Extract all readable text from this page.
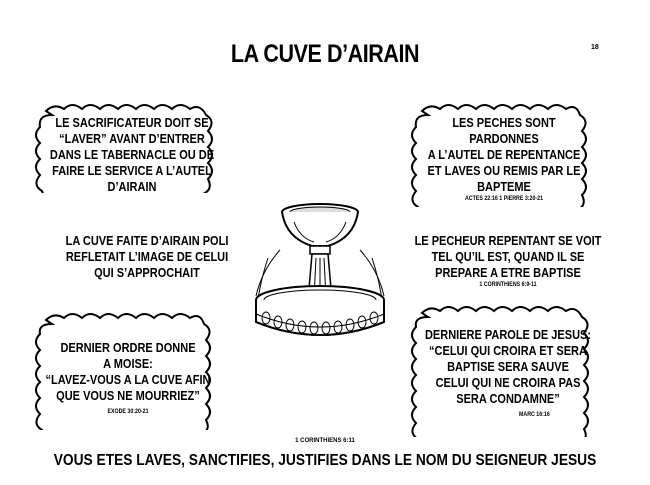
LA CUVE D’AIRAIN	18
LE SACRIFICATEUR DOIT SE
“LAVER” AVANT D’ENTRER
DANS LE TABERNACLE OU DE
FAIRE LE SERVICE A L’AUTEL
D’AIRAIN
LES PECHES SONT
PARDONNES
A L’AUTEL DE REPENTANCE
ET LAVES OU REMIS PAR LE
BAPTEME
ACTES 22:16 1 PIERRE 3:20-21
LA CUVE FAITE D’AIRAIN POLI
REFLETAIT L’IMAGE DE CELUI
QUI S’APPROCHAIT
LE PECHEUR REPENTANT SE VOIT
TEL QU’IL EST, QUAND IL SE
PREPARE A ETRE BAPTISE
1 CORINTHIENS 6:9-11
DERNIER ORDRE DONNE
A MOISE:
“LAVEZ-VOUS A LA CUVE AFIN
QUE VOUS NE MOURRIEZ”
EXODE 30:20-21
DERNIERE PAROLE DE JESUS:
“CELUI QUI CROIRA ET SERA
BAPTISE SERA SAUVE
CELUI QUI NE CROIRA PAS
SERA CONDAMNE”
MARC 16:16
1 CORINTHIENS 6:11
VOUS ETES LAVES, SANCTIFIES, JUSTIFIES DANS LE NOM DU SEIGNEUR JESUS
